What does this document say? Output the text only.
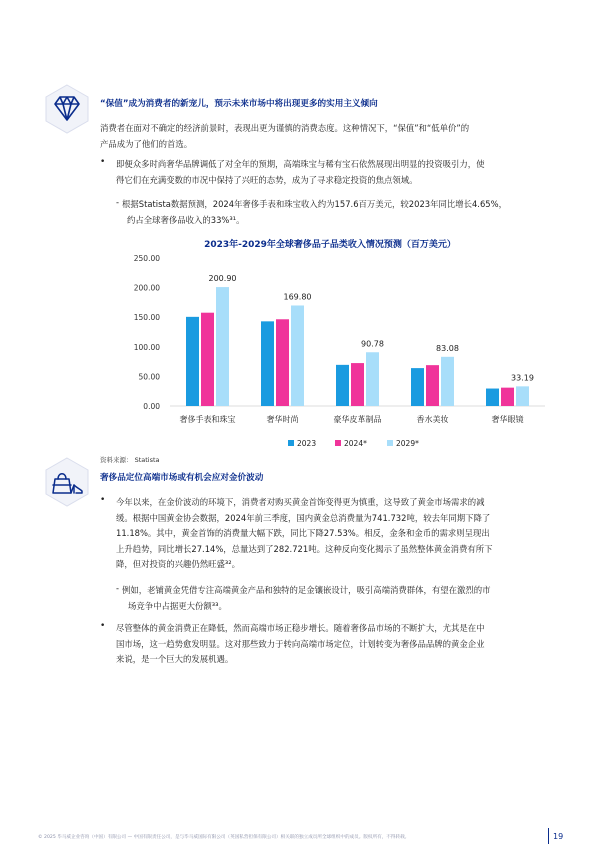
“保值”成为消费者的新宠儿，预示未来市场中将出现更多的实用主义倾向
消费者在面对不确定的经济前景时，表现出更为谨慎的消费态度。这种情况下，“保值”和“低单价”的
产品成为了他们的首选。
• 即便众多时尚奢华品牌调低了对全年的预期，高端珠宝与稀有宝石依然展现出明显的投资吸引力，使
得它们在充满变数的市况中保持了兴旺的态势，成为了寻求稳定投资的焦点领域。
- 根据Statista数据预测，2024年奢侈手表和珠宝收入约为157.6百万美元，较2023年同比增长4.65%，
约占全球奢侈品收入的33%³¹。
2023年-2029年全球奢侈品子品类收入情况预测（百万美元）
0.00
50.00
100.00
150.00
200.00
250.00
200.90
奢侈手表和珠宝
169.80
奢华时尚
90.78
豪华皮革制品
83.08
香水美妆
33.19
奢华眼镜
2023	2024*	2029*
资料来源： Statista
奢侈品定位高端市场或有机会应对金价波动
• 今年以来，在金价波动的环境下，消费者对购买黄金首饰变得更为慎重，这导致了黄金市场需求的减
缓。根据中国黄金协会数据，2024年前三季度，国内黄金总消费量为741.732吨，较去年同期下降了
11.18%。其中，黄金首饰的消费量大幅下跌，同比下降27.53%。相反，金条和金币的需求则呈现出
上升趋势，同比增长27.14%，总量达到了282.721吨。这种反向变化揭示了虽然整体黄金消费有所下
降，但对投资的兴趣仍然旺盛³²。
- 例如，老铺黄金凭借专注高端黄金产品和独特的足金镶嵌设计，吸引高端消费群体，有望在激烈的市
场竞争中占据更大份额³³。
• 尽管整体的黄金消费正在降低，然而高端市场正稳步增长。随着奢侈品市场的不断扩大，尤其是在中
国市场，这一趋势愈发明显。这对那些致力于转向高端市场定位，计划转变为奢侈品品牌的黄金企业
来说，是一个巨大的发展机遇。
© 2025 毕马威企业咨询（中国）有限公司 — 中国有限责任公司，是与毕马威国际有限公司（英国私营担保有限公司）相关联的独立成员所全球组织中的成员。版权所有，不得转载。	19
